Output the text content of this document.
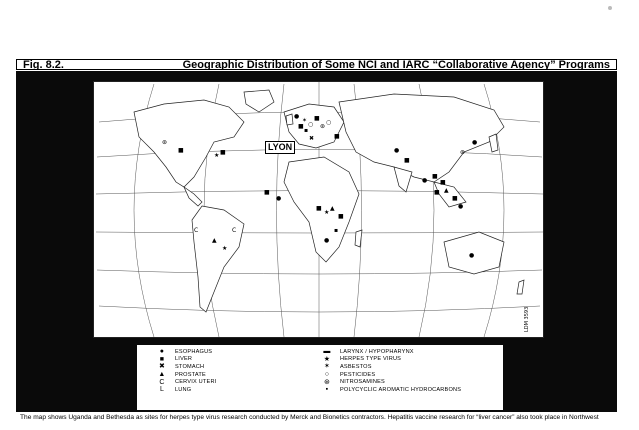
Fig. 8.2.	Geographic Distribution of Some NCI and IARC “Collaborative Agency” Programs
⊛
■
★ ■
C
▲
C
★
●
✶
○
■
⊛
▪
○
■
✖	■
■
●
■
★
▲
■
▪
●
●
■
■
▲
■
■
●
⊛
●
●
■
●
LDM 3593
LYON
●	ESOPHAGUS
■	LIVER
✖	STOMACH
▲ PROSTATE
C	CERVIX UTERI
L	LUNG
▬ LARYNX / HYPOPHARYNX
★	HERPES TYPE VIRUS
✶	ASBESTOS
○	PESTICIDES
⊛	NITROSAMINES
▪	POLYCYCLIC AROMATIC HYDROCARBONS
The map shows Uganda and Bethesda as sites for herpes type virus research conducted by Merck and Bionetics contractors. Hepatitis vaccine research for “liver cancer” also took place in Northwest
